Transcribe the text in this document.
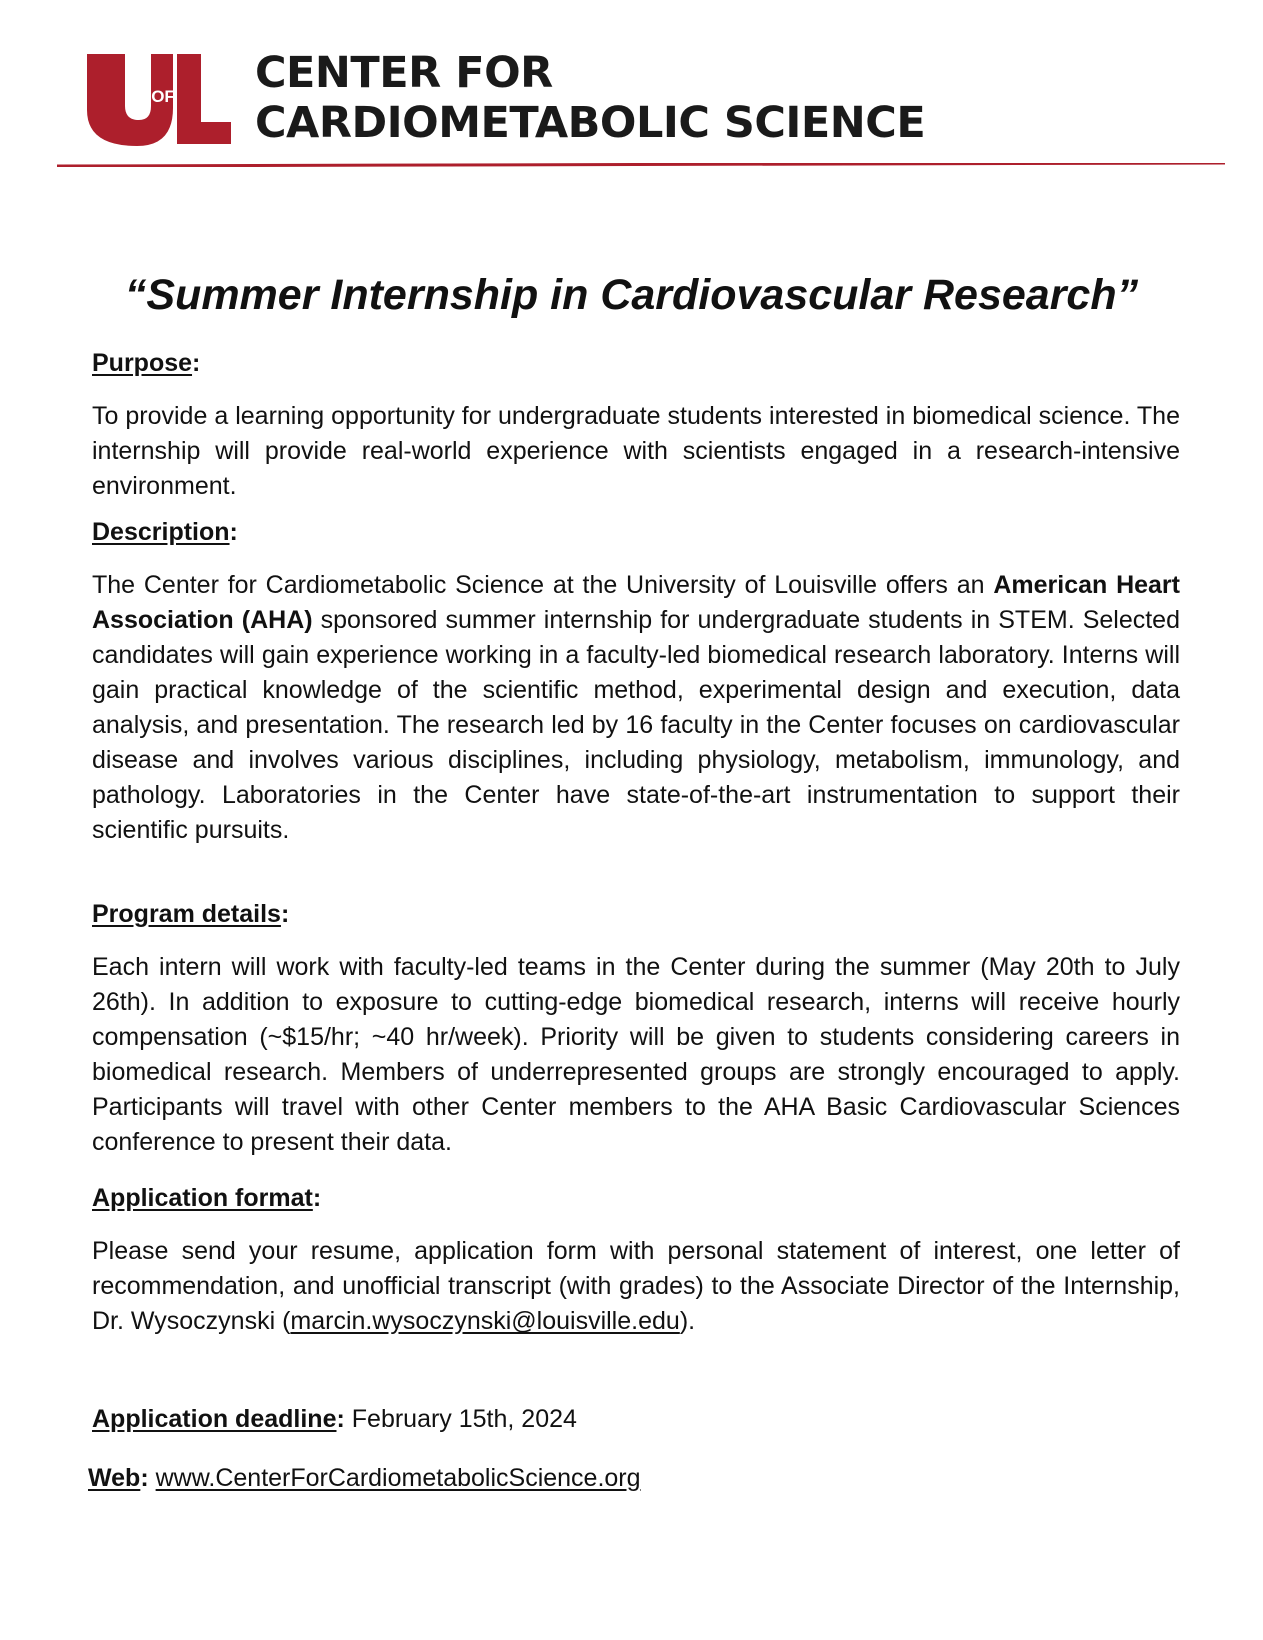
OF CENTER FOR
CARDIOMETABOLIC SCIENCE
“Summer Internship in Cardiovascular Research”
Purpose:

To provide a learning opportunity for undergraduate students interested in biomedical science. The internship will provide real-world experience with scientists engaged in a research-intensive environment.

Description:

The Center for Cardiometabolic Science at the University of Louisville offers an American Heart Association (AHA) sponsored summer internship for undergraduate students in STEM. Selected candidates will gain experience working in a faculty-led biomedical research laboratory. Interns will gain practical knowledge of the scientific method, experimental design and execution, data analysis, and presentation. The research led by 16 faculty in the Center focuses on cardiovascular disease and involves various disciplines, including physiology, metabolism, immunology, and pathology. Laboratories in the Center have state-of-the-art instrumentation to support their scientific pursuits.

Program details:

Each intern will work with faculty-led teams in the Center during the summer (May 20th to July 26th). In addition to exposure to cutting-edge biomedical research, interns will receive hourly compensation (~$15/hr; ~40 hr/week). Priority will be given to students considering careers in biomedical research. Members of underrepresented groups are strongly encouraged to apply. Participants will travel with other Center members to the AHA Basic Cardiovascular Sciences conference to present their data.

Application format:

Please send your resume, application form with personal statement of interest, one letter of recommendation, and unofficial transcript (with grades) to the Associate Director of the Internship, Dr. Wysoczynski (marcin.wysoczynski@louisville.edu).

Application deadline: February 15th, 2024
Web: www.CenterForCardiometabolicScience.org
